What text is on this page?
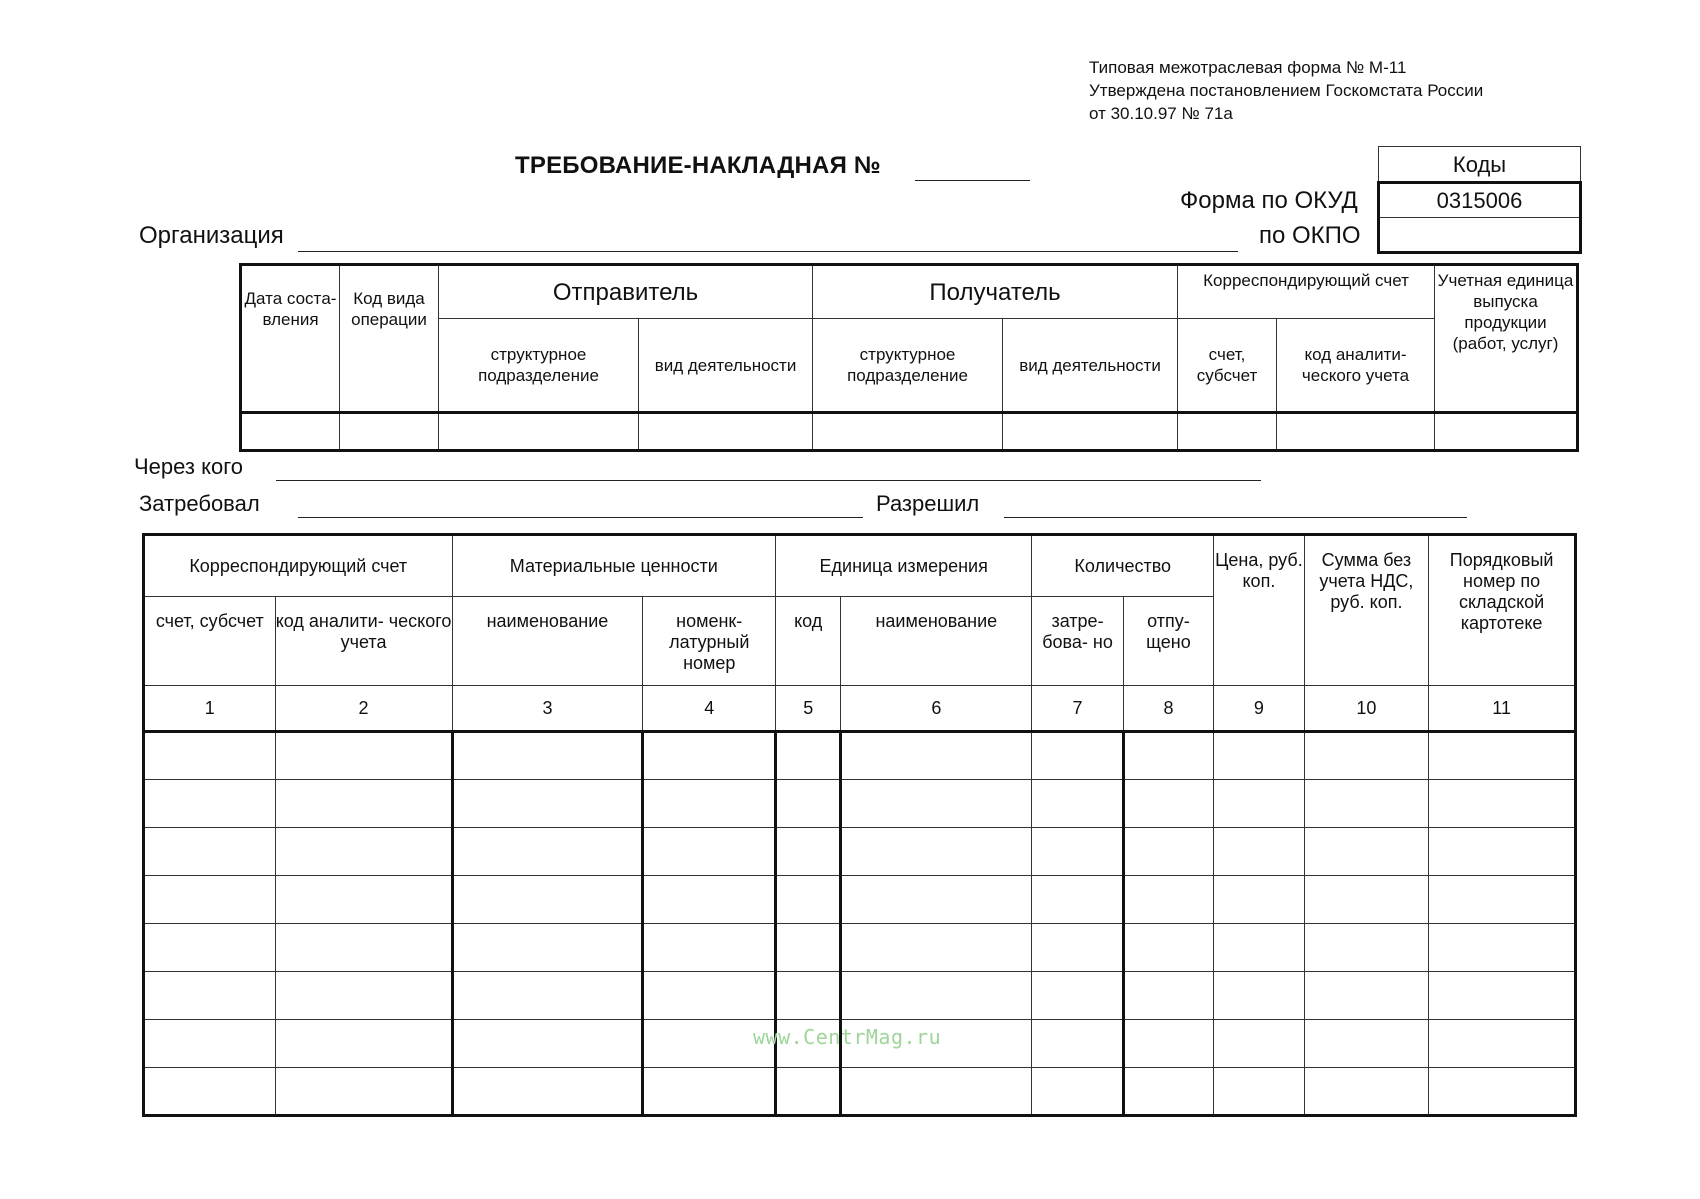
Типовая межотраслевая форма № М-11
Утверждена постановлением Госкомстата России
от 30.10.97 № 71а
ТРЕБОВАНИЕ-НАКЛАДНАЯ №
Форма по ОКУД
по ОКПО
Коды
0315006

Организация
Дата состa- вления	Код вида операции	Отправитель		Получатель		Корреспондирующий счет		Учетная единица выпуска продукции (работ, услуг)
		структурное подразделение	вид деятельности	структурное подразделение	вид деятельности	счет, субсчет	код аналити- ческого учета	

Через кого
Затребовал	Разрешил
Корреспондирующий счет		Материальные ценности		Единица измерения		Количество		Цена, руб. коп.	Сумма без учета НДС, руб. коп.	Порядковый номер по складской картотеке
счет, субсчет	код аналити- ческого учета	наименование	номенк- латурный номер	код	наименование	затре- бова- но	отпу- щено			
1	2	3	4	5	6	7	8	9	10	11

www.CentrMag.ru
